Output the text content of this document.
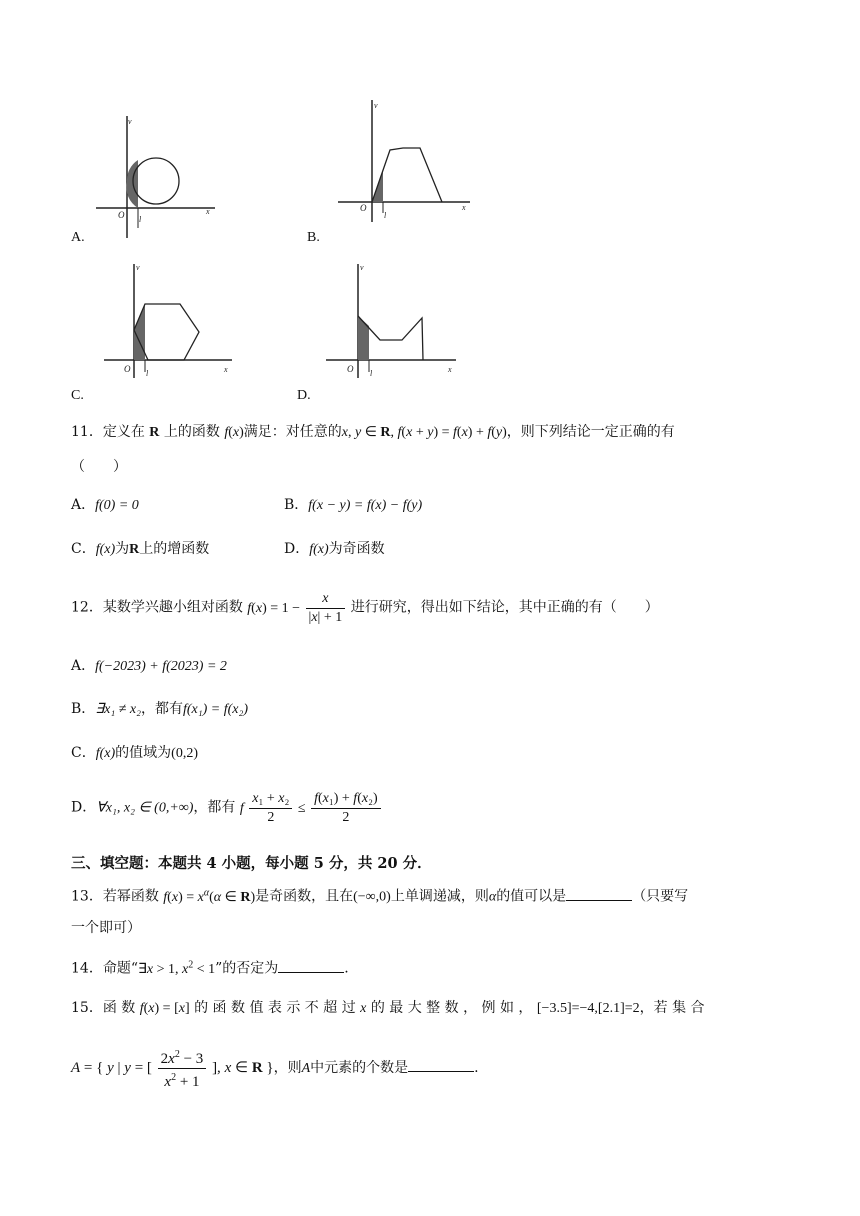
v
O l
x
A.
v
O
l
x
B.
v
O l	x
C.
v
O l	x
D.
11．定义在 R 上的函数 f(x)满足：对任意的x, y ∈ R, f(x + y) = f(x) + f(y)，则下列结论一定正确的有
（　　）
A．f(0) = 0	B．f(x − y) = f(x) − f(y)
C．f(x)为R上的增函数	D．f(x)为奇函数
12．某数学兴趣小组对函数 $f(x) = 1 - \frac{x}{|x| + 1}$ 进行研究，得出如下结论，其中正确的有（　　）
A．f(−2023) + f(2023) = 2
B．∃x₁ ≠ x₂，都有f(x₁) = f(x₂)
C．f(x)的值域为(0,2)
D．∀x₁, x₂ ∈ (0,+∞)，都有 f $\frac{\text{x₁ + x₂}}{2} \le \frac{\text{f(x₁) + f(x₂)}}{2}$
三、填空题：本题共 4 小题，每小题 5 分，共 20 分．
13．若幂函数 $f(x) = x^\alpha(\alpha$ ∈ R)是奇函数，且在(−∞,0)上单调递减，则α的值可以是	（只要写
一个即可）
14．命题“∃x > 1, $x^2 < 1$”的否定为	.
15．函 数 f(x) = [x] 的 函 数 值 表 示 不 超 过 x 的 最 大 整 数 ， 例 如 ， [−3.5]=−4,[2.1]=2，若 集 合
A = { y | y = [ $\frac{2x^2 - 3}{x^2 + 1}$ ], x ∈ R }，则A中元素的个数是	.
